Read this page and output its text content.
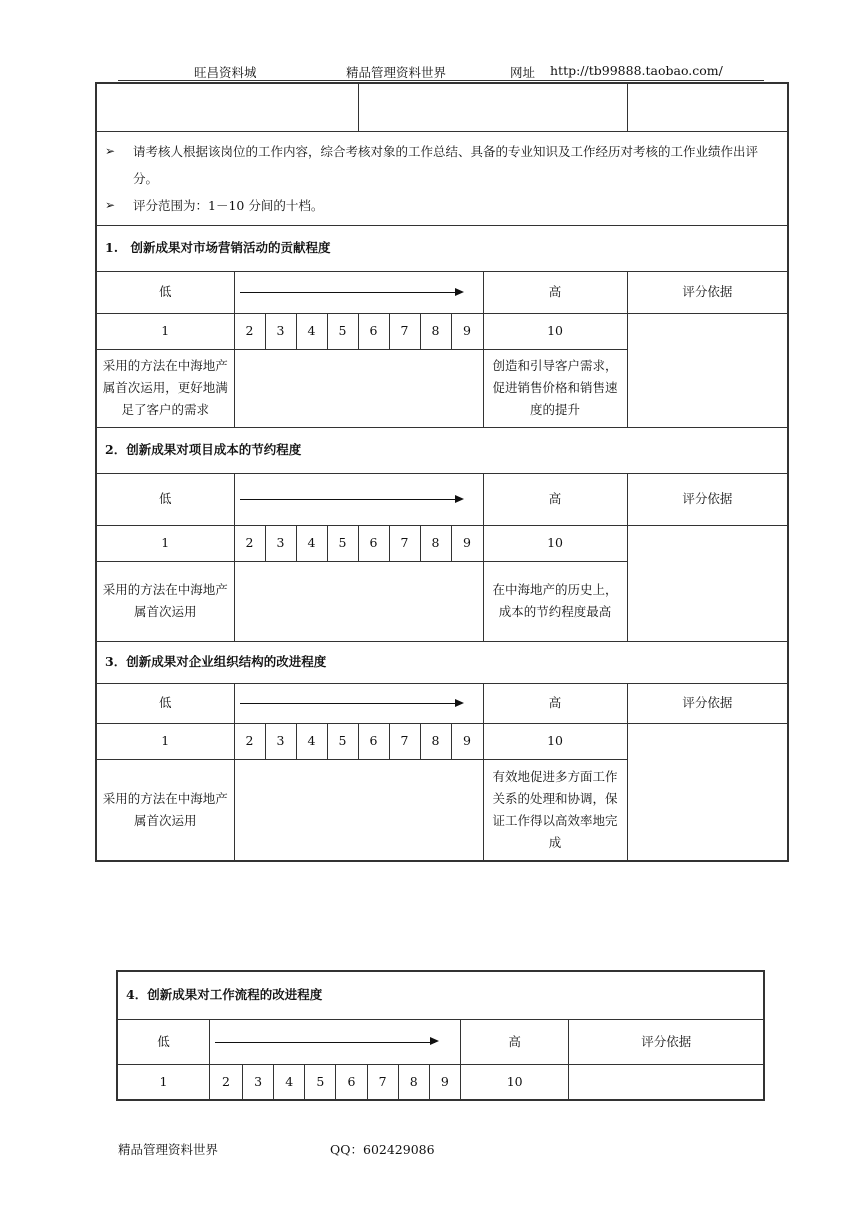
旺昌资料城	精品管理资料世界	网址 http://tb99888.taobao.com/

➢ 请考核人根据该岗位的工作内容，综合考核对象的工作总结、具备的专业知识及工作经历对考核的工作业绩作出评分。
➢ 评分范围为：1－10 分间的十档。										

1.　创新成果对市场营销活动的贡献程度										
低									高	评分依据
1	2	3	4	5	6	7	8	9	10	
采用的方法在中海地产属首次运用，更好地满足了客户的需求									创造和引导客户需求，促进销售价格和销售速度的提升	
2．创新成果对项目成本的节约程度										
低									高	评分依据
1	2	3	4	5	6	7	8	9	10	
采用的方法在中海地产属首次运用									在中海地产的历史上，成本的节约程度最高	
3．创新成果对企业组织结构的改进程度										
低									高	评分依据
1	2	3	4	5	6	7	8	9	10	
采用的方法在中海地产属首次运用									有效地促进多方面工作关系的处理和协调，保证工作得以高效率地完成	
4．创新成果对工作流程的改进程度										
低									高	评分依据
1	2	3	4	5	6	7	8	9	10	
精品管理资料世界	QQ：602429086
